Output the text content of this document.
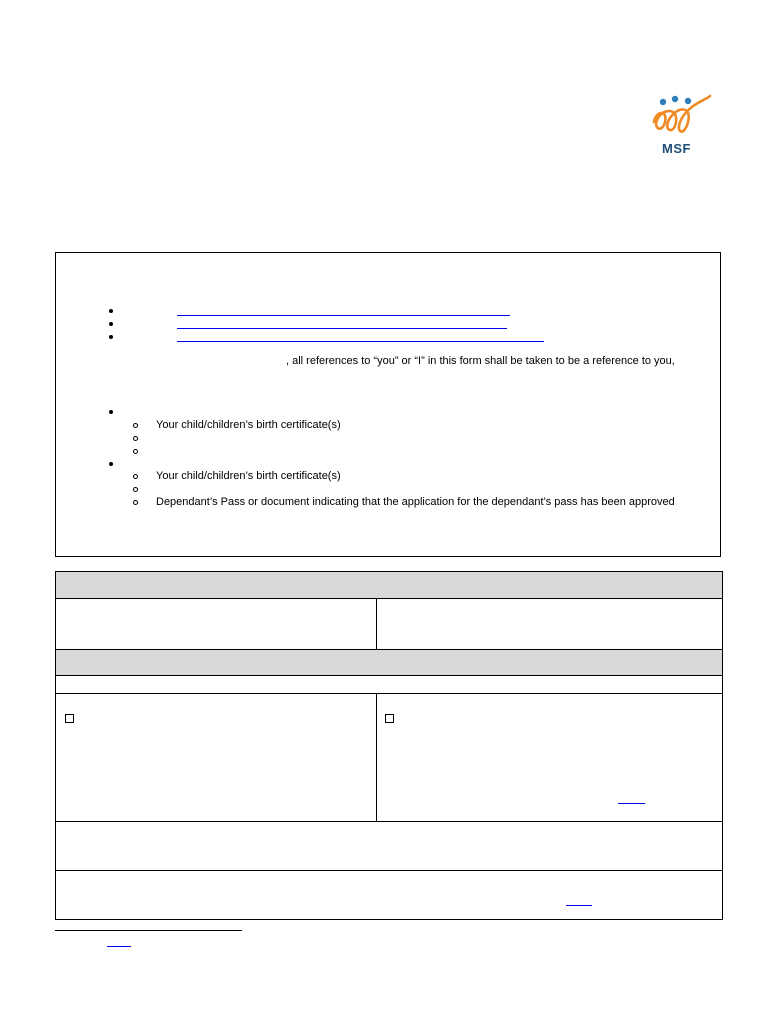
MSF
, all references to “you” or “I” in this form shall be taken to be a reference to you,
Your child/children’s birth certificate(s)
Your child/children’s birth certificate(s)
Dependant’s Pass or document indicating that the application for the dependant’s pass has been approved
